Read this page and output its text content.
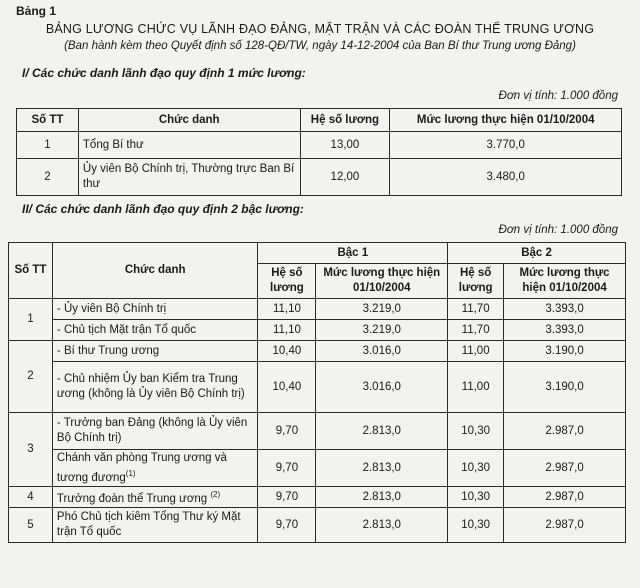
Bảng 1
BẢNG LƯƠNG CHỨC VỤ LÃNH ĐẠO ĐẢNG, MẶT TRẬN VÀ CÁC ĐOÀN THỂ TRUNG ƯƠNG
(Ban hành kèm theo Quyết định số 128-QĐ/TW, ngày 14-12-2004 của Ban Bí thư Trung ương Đảng)
I/ Các chức danh lãnh đạo quy định 1 mức lương:
Đơn vị tính: 1.000 đồng
Số TT	Chức danh	Hệ số lương	Mức lương thực hiện 01/10/2004
1	Tổng Bí thư	13,00	3.770,0
2	Ủy viên Bộ Chính trị, Thường trực Ban Bí thư	12,00	3.480,0
II/ Các chức danh lãnh đạo quy định 2 bậc lương:
Đơn vị tính: 1.000 đồng
Số TT	Chức danh	Bậc 1		Bậc 2	
		Hệ số lương	Mức lương thực hiện 01/10/2004	Hệ số lương	Mức lương thực hiện 01/10/2004
1	- Ủy viên Bộ Chính trị	11,10	3.219,0	11,70	3.393,0
	- Chủ tịch Mặt trận Tổ quốc	11,10	3.219,0	11,70	3.393,0
2	- Bí thư Trung ương	10,40	3.016,0	11,00	3.190,0
	- Chủ nhiệm Ủy ban Kiểm tra Trung ương (không là Ủy viên Bộ Chính trị)	10,40	3.016,0	11,00	3.190,0
3	- Trưởng ban Đảng (không là Ủy viên Bộ Chính trị)	9,70	2.813,0	10,30	2.987,0
	Chánh văn phòng Trung ương và tương đương$^{(1)}$	9,70	2.813,0	10,30	2.987,0
4	Trưởng đoàn thể Trung ương $^{(2)}$	9,70	2.813,0	10,30	2.987,0
5	Phó Chủ tịch kiêm Tổng Thư ký Mặt trận Tổ quốc	9,70	2.813,0	10,30	2.987,0
